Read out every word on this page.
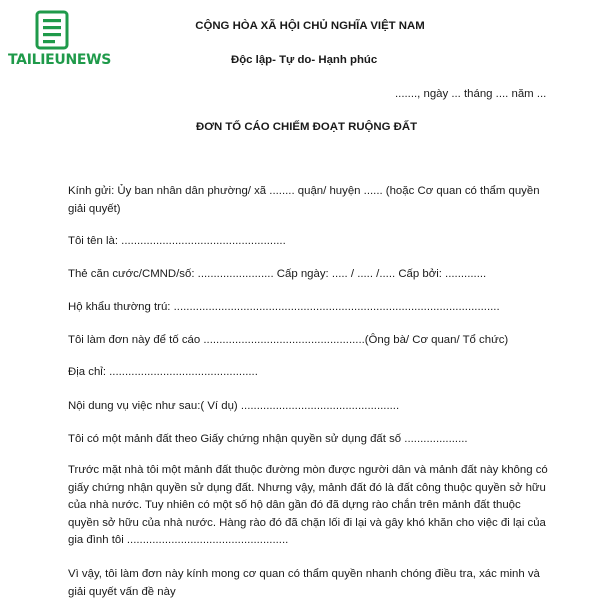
TAILIEUNEWS

CỘNG HÒA XÃ HỘI CHỦ NGHĨA VIỆT NAM

Độc lập- Tự do- Hạnh phúc

......., ngày ... tháng .... năm ...

ĐƠN TỐ CÁO CHIẾM ĐOẠT RUỘNG ĐẤT

Kính gửi: Ủy ban nhân dân phường/ xã ........ quận/ huyện ...... (hoặc Cơ quan có thẩm quyền giải quyết)

Tôi tên là: ....................................................

Thẻ căn cước/CMND/số: ........................ Cấp ngày: ..... / ..... /..... Cấp bởi: .............

Hộ khẩu thường trú: .......................................................................................................

Tôi làm đơn này để tố cáo ...................................................(Ông bà/ Cơ quan/ Tổ chức)

Địa chỉ: ...............................................

Nội dung vụ việc như sau:( Ví dụ) ..................................................

Tôi có một mảnh đất theo Giấy chứng nhận quyền sử dụng đất số ....................

Trước mặt nhà tôi một mảnh đất thuộc đường mòn được người dân và mảnh đất này không có giấy chứng nhận quyền sử dụng đất. Nhưng vậy, mảnh đất đó là đất công thuộc quyền sở hữu của nhà nước. Tuy nhiên có một số hộ dân gần đó đã dựng rào chắn trên mảnh đất thuộc quyền sở hữu của nhà nước. Hàng rào đó đã chặn lối đi lại và gây khó khăn cho việc đi lại của gia đình tôi ...................................................

Vì vậy, tôi làm đơn này kính mong cơ quan có thẩm quyền nhanh chóng điều tra, xác minh và giải quyết vấn đề này
